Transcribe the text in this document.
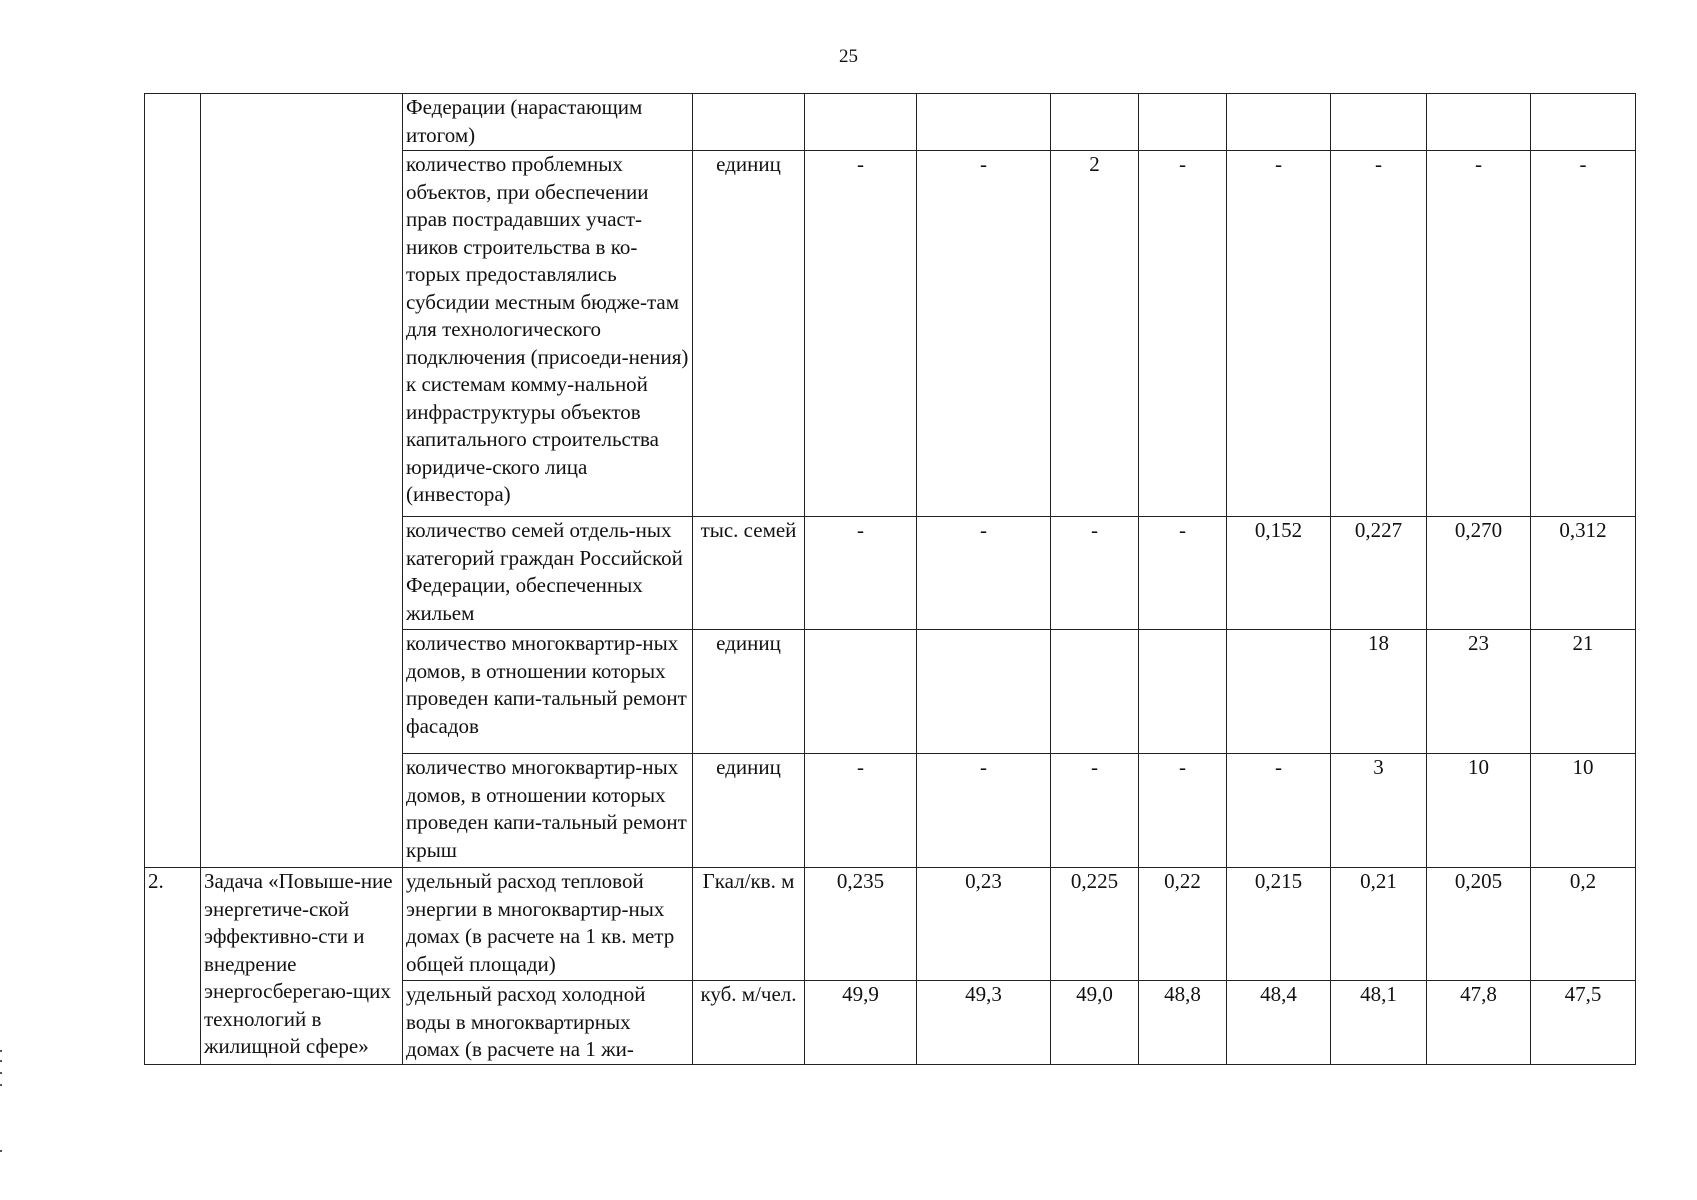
25
		Федерации (нарастающим итогом)									
		количество проблемных объектов, при обеспечении прав пострадавших участ-ников строительства в ко-торых предоставлялись субсидии местным бюдже-там для технологического подключения (присоеди-нения) к системам комму-нальной инфраструктуры объектов капитального строительства юридиче-ского лица (инвестора)	единиц	-	-	2	-	-	-	-	-
		количество семей отдель-ных категорий граждан Российской Федерации, обеспеченных жильем	тыс. семей	-	-	-	-	0,152	0,227	0,270	0,312
		количество многоквартир-ных домов, в отношении которых проведен капи-тальный ремонт фасадов	единиц						18	23	21
		количество многоквартир-ных домов, в отношении которых проведен капи-тальный ремонт крыш	единиц	-	-	-	-	-	3	10	10
2.	Задача «Повыше-ние энергетиче-ской эффективно-сти и внедрение энергосберегаю-щих технологий в жилищной сфере»	удельный расход тепловой энергии в многоквартир-ных домах (в расчете на 1 кв. метр общей площади)	Гкал/кв. м	0,235	0,23	0,225	0,22	0,215	0,21	0,205	0,2
		удельный расход холодной воды в многоквартирных домах (в расчете на 1 жи-	куб. м/чел.	49,9	49,3	49,0	48,8	48,4	48,1	47,8	47,5
